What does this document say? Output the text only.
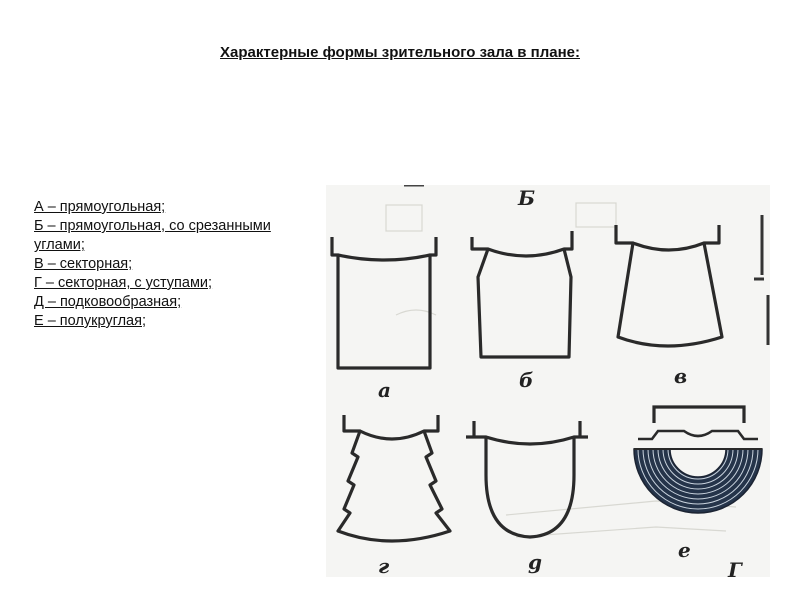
Характерные формы зрительного зала в плане:
А – прямоугольная;
Б – прямоугольная, со срезанными углами;
В – секторная;
Г – секторная, с уступами;
Д – подковообразная;
Е – полукруглая;
Б
а	б	в
г	g	е
Г
